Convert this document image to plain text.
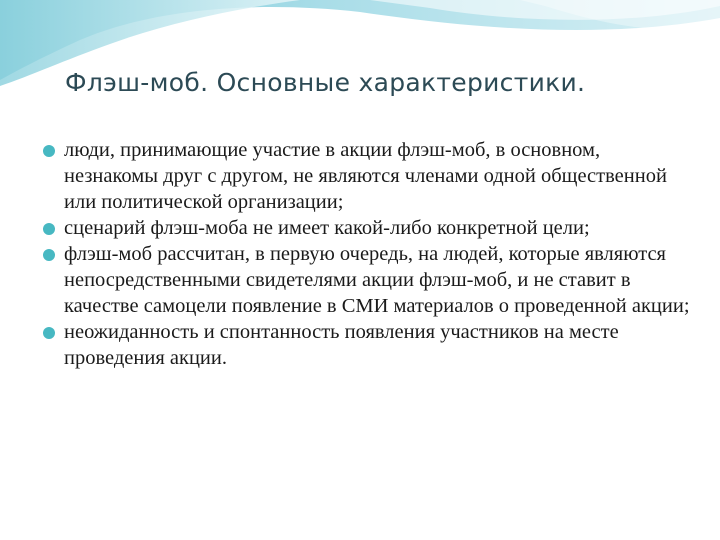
Флэш-моб. Основные характеристики.
люди, принимающие участие в акции флэш-моб, в основном, незнакомы друг с другом, не являются членами одной общественной или политической организации;
сценарий флэш-моба не имеет какой-либо конкретной цели;
флэш-моб рассчитан, в первую очередь, на людей, которые являются непосредственными свидетелями акции флэш-моб, и не ставит в качестве самоцели появление в СМИ материалов о проведенной акции;
неожиданность и спонтанность появления участников на месте проведения акции.
